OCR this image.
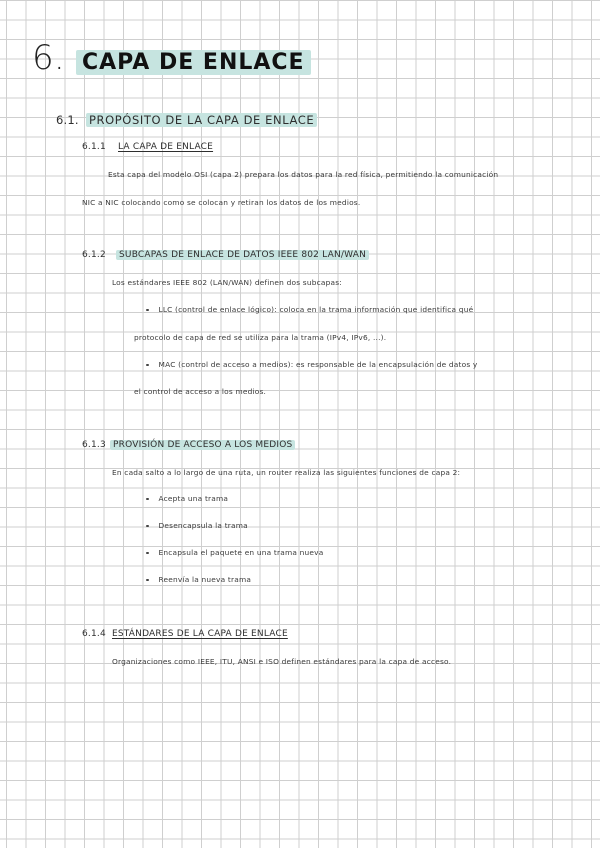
6. CAPA DE ENLACE
6.1. PROPÓSITO DE LA CAPA DE ENLACE
6.1.1 LA CAPA DE ENLACE
Esta capa del modelo OSI (capa 2) prepara los datos para la red física, permitiendo la comunicación
NIC a NIC colocando como se colocan y retiran los datos de los medios.
6.1.2	SUBCAPAS DE ENLACE DE DATOS IEEE 802 LAN/WAN
Los estándares IEEE 802 (LAN/WAN) definen dos subcapas:
LLC (control de enlace lógico): coloca en la trama información que identifica qué
protocolo de capa de red se utiliza para la trama (IPv4, IPv6, ...).
MAC (control de acceso a medios): es responsable de la encapsulación de datos y
el control de acceso a los medios.
6.1.3 PROVISIÓN DE ACCESO A LOS MEDIOS
En cada salto a lo largo de una ruta, un router realiza las siguientes funciones de capa 2:
Acepta una trama
Desencapsula la trama
Encapsula el paquete en una trama nueva
Reenvía la nueva trama
6.1.4 ESTÁNDARES DE LA CAPA DE ENLACE
Organizaciones como IEEE, ITU, ANSI e ISO definen estándares para la capa de acceso.
